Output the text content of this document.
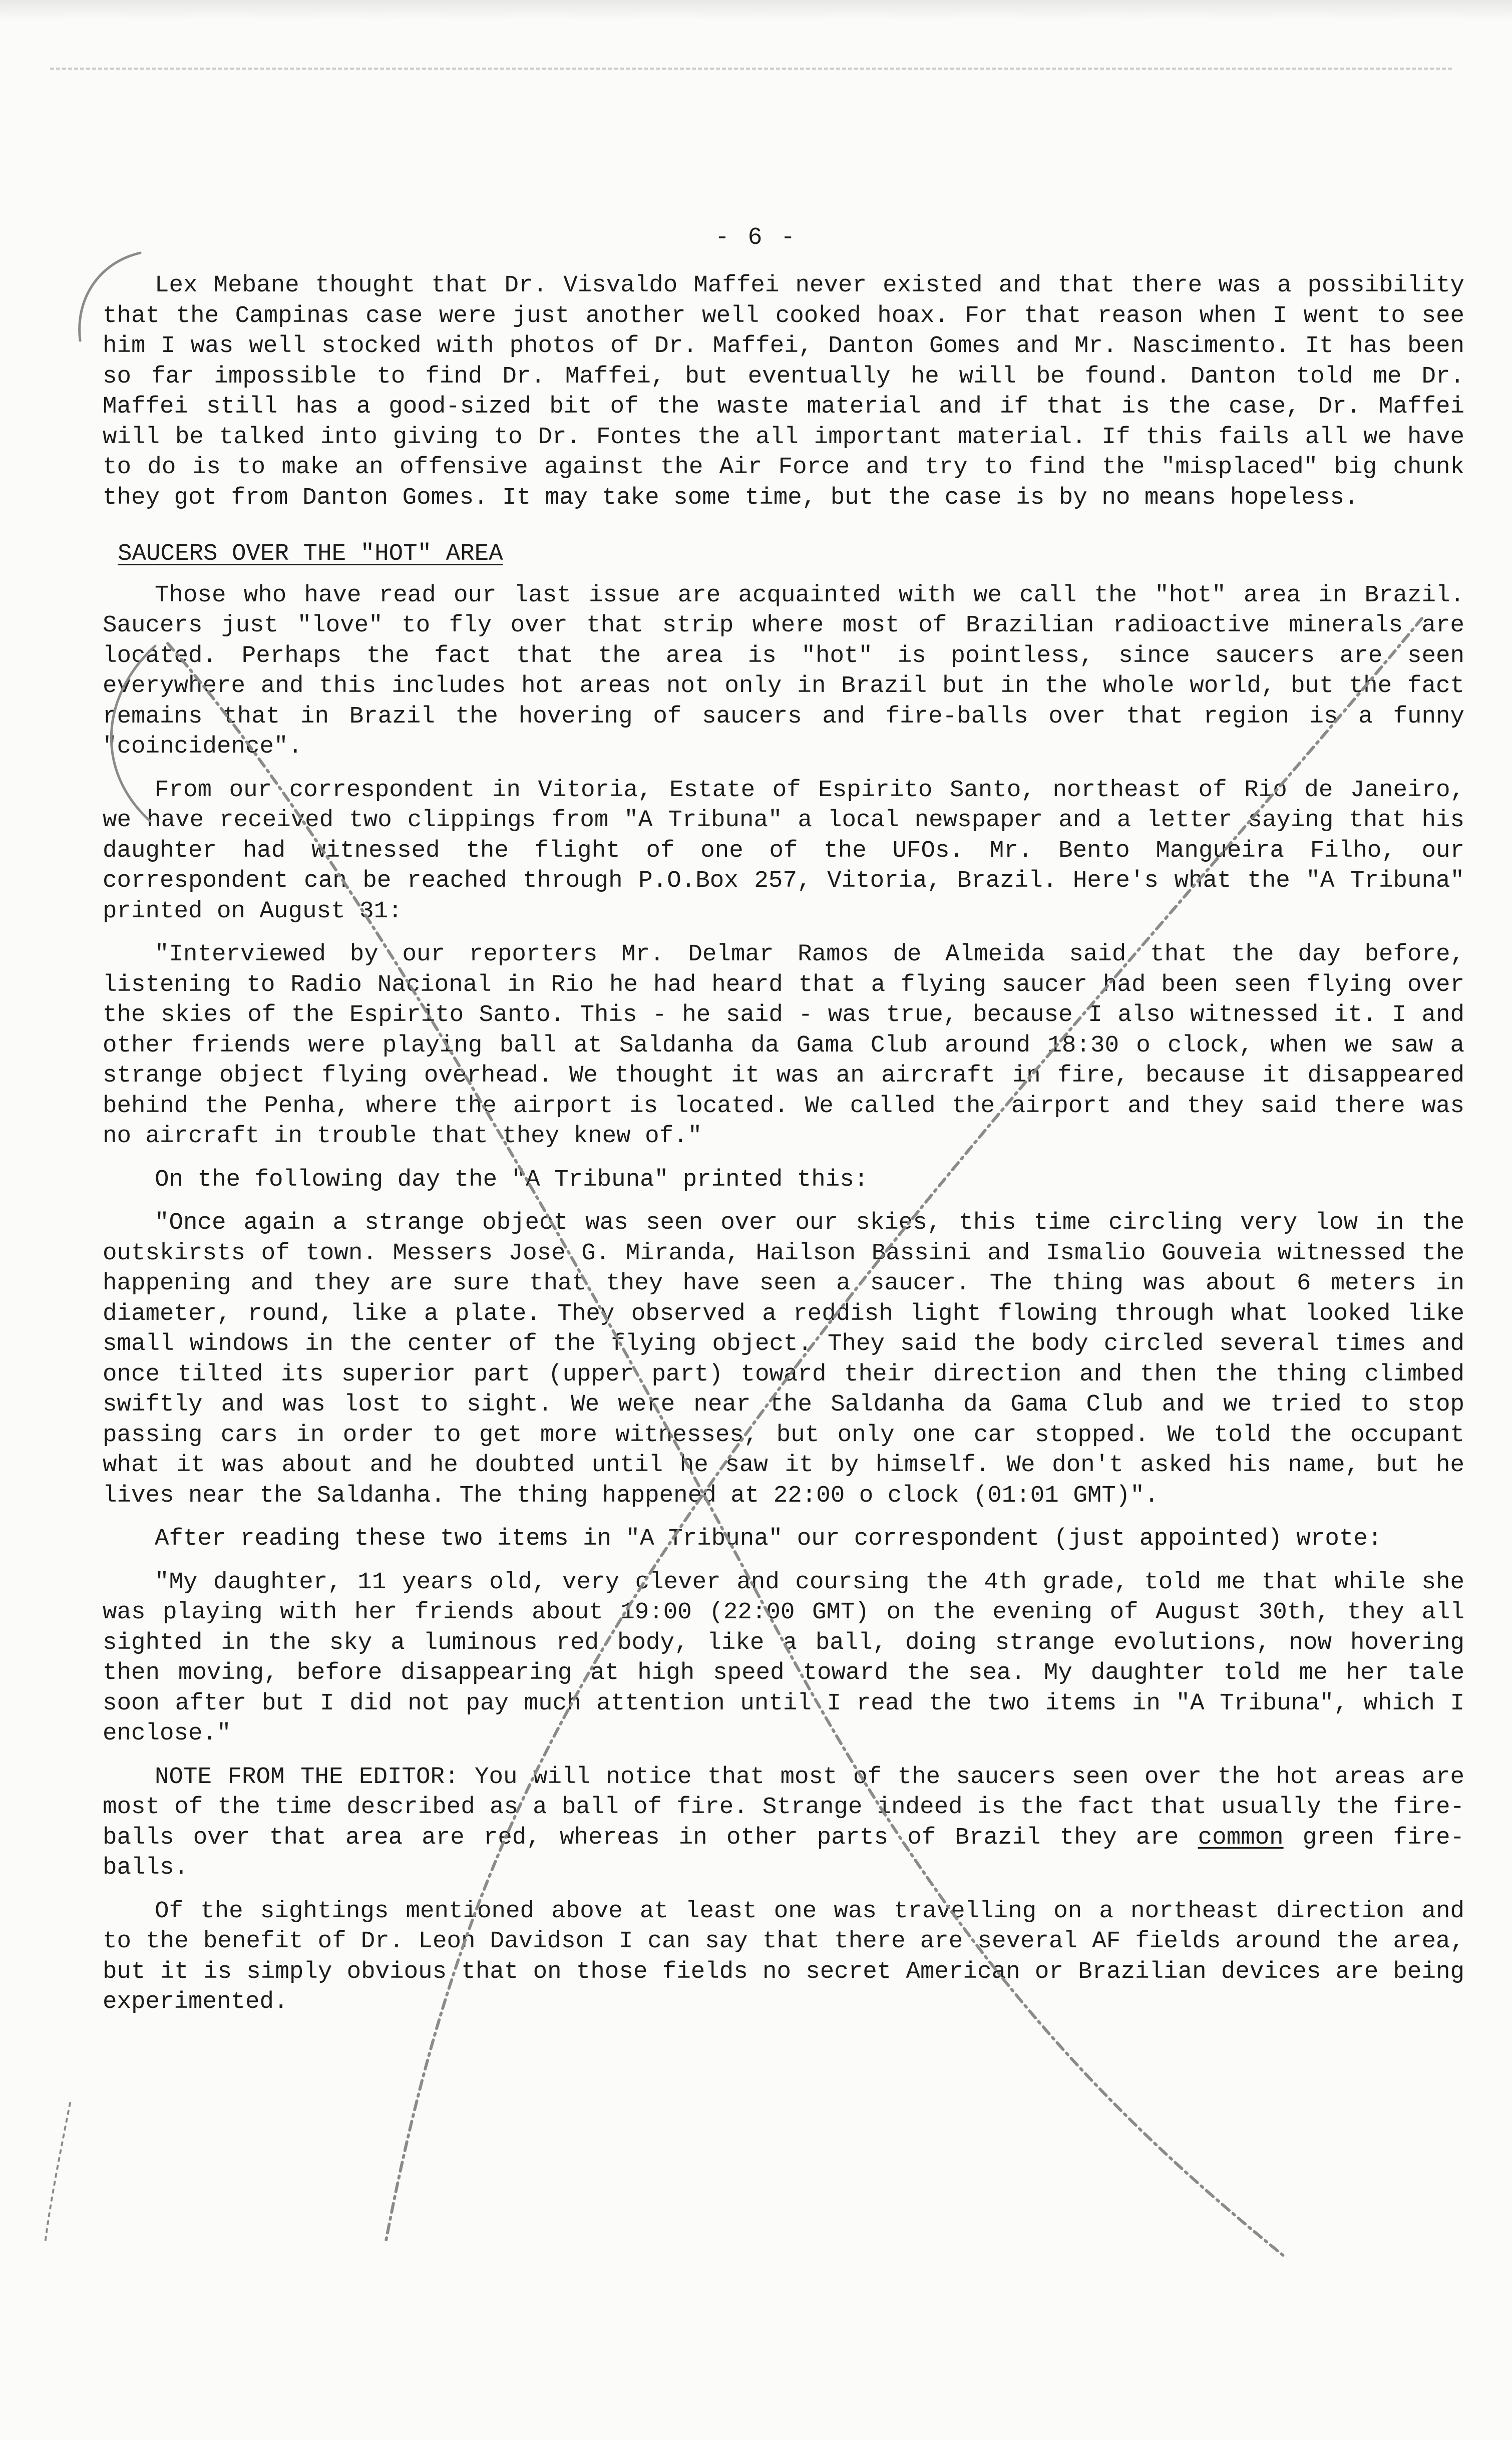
- 6 -

Lex Mebane thought that Dr. Visvaldo Maffei never existed and that there was a possibility that the Campinas case were just another well cooked hoax. For that reason when I went to see him I was well stocked with photos of Dr. Maffei, Danton Gomes and Mr. Nascimento. It has been so far impossible to find Dr. Maffei, but eventually he will be found. Danton told me Dr. Maffei still has a good-sized bit of the waste material and if that is the case, Dr. Maffei will be talked into giving to Dr. Fontes the all important material. If this fails all we have to do is to make an offensive against the Air Force and try to find the "misplaced" big chunk they got from Danton Gomes. It may take some time, but the case is by no means hopeless.

SAUCERS OVER THE "HOT" AREA

Those who have read our last issue are acquainted with we call the "hot" area in Brazil. Saucers just "love" to fly over that strip where most of Brazilian radioactive minerals are located. Perhaps the fact that the area is "hot" is pointless, since saucers are seen everywhere and this includes hot areas not only in Brazil but in the whole world, but the fact remains that in Brazil the hovering of saucers and fire-balls over that region is a funny "coincidence".

From our correspondent in Vitoria, Estate of Espirito Santo, northeast of Rio de Janeiro, we have received two clippings from "A Tribuna" a local newspaper and a letter saying that his daughter had witnessed the flight of one of the UFOs. Mr. Bento Mangueira Filho, our correspondent can be reached through P.O.Box 257, Vitoria, Brazil. Here's what the "A Tribuna" printed on August 31:

"Interviewed by our reporters Mr. Delmar Ramos de Almeida said that the day before, listening to Radio Nacional in Rio he had heard that a flying saucer had been seen flying over the skies of the Espirito Santo. This - he said - was true, because I also witnessed it. I and other friends were playing ball at Saldanha da Gama Club around 18:30 o clock, when we saw a strange object flying overhead. We thought it was an aircraft in fire, because it disappeared behind the Penha, where the airport is located. We called the airport and they said there was no aircraft in trouble that they knew of."

On the following day the "A Tribuna" printed this:

"Once again a strange object was seen over our skies, this time circling very low in the outskirsts of town. Messers Jose G. Miranda, Hailson Bassini and Ismalio Gouveia witnessed the happening and they are sure that they have seen a saucer. The thing was about 6 meters in diameter, round, like a plate. They observed a reddish light flowing through what looked like small windows in the center of the flying object. They said the body circled several times and once tilted its superior part (upper part) toward their direction and then the thing climbed swiftly and was lost to sight. We were near the Saldanha da Gama Club and we tried to stop passing cars in order to get more witnesses, but only one car stopped. We told the occupant what it was about and he doubted until he saw it by himself. We don't asked his name, but he lives near the Saldanha. The thing happened at 22:00 o clock (01:01 GMT)".

After reading these two items in "A Tribuna" our correspondent (just appointed) wrote:

"My daughter, 11 years old, very clever and coursing the 4th grade, told me that while she was playing with her friends about 19:00 (22:00 GMT) on the evening of August 30th, they all sighted in the sky a luminous red body, like a ball, doing strange evolutions, now hovering then moving, before disappearing at high speed toward the sea. My daughter told me her tale soon after but I did not pay much attention until I read the two items in "A Tribuna", which I enclose."

NOTE FROM THE EDITOR: You will notice that most of the saucers seen over the hot areas are most of the time described as a ball of fire. Strange indeed is the fact that usually the fire-balls over that area are red, whereas in other parts of Brazil they are common green fire-balls.

Of the sightings mentioned above at least one was travelling on a northeast direction and to the benefit of Dr. Leon Davidson I can say that there are several AF fields around the area, but it is simply obvious that on those fields no secret American or Brazilian devices are being experimented.
